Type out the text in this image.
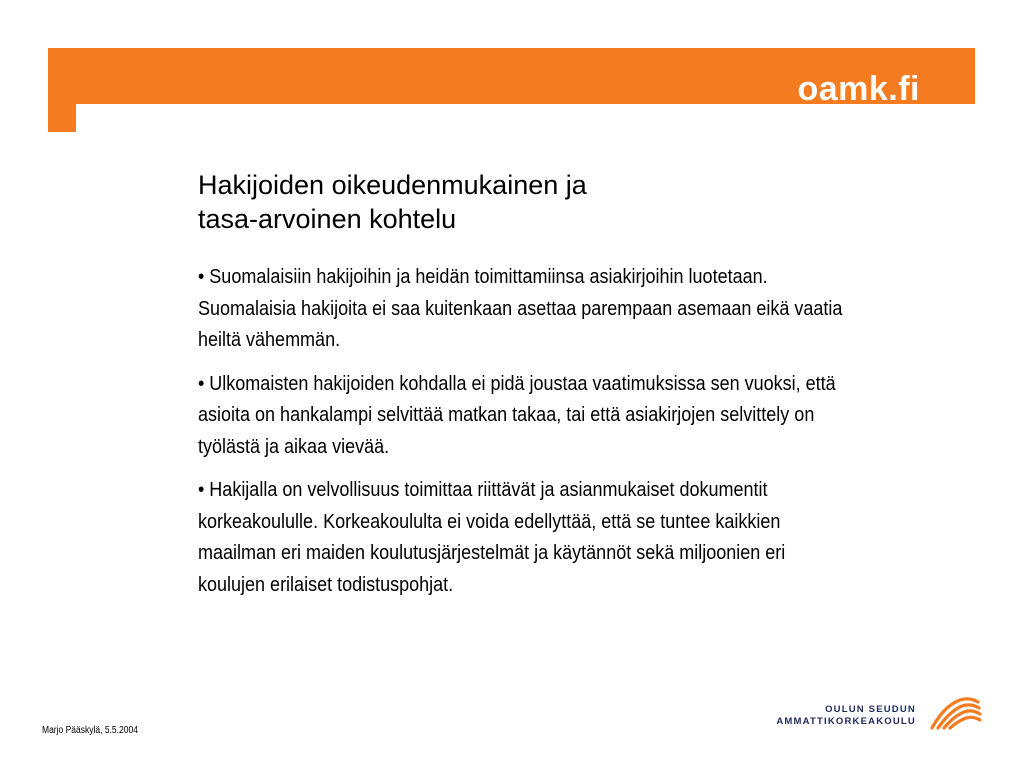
oamk.fi
Hakijoiden oikeudenmukainen ja
tasa-arvoinen kohtelu

• Suomalaisiin hakijoihin ja heidän toimittamiinsa asiakirjoihin luotetaan. Suomalaisia hakijoita ei saa kuitenkaan asettaa parempaan asemaan eikä vaatia heiltä vähemmän.

• Ulkomaisten hakijoiden kohdalla ei pidä joustaa vaatimuksissa sen vuoksi, että asioita on hankalampi selvittää matkan takaa, tai että asiakirjojen selvittely on työlästä ja aikaa vievää.

• Hakijalla on velvollisuus toimittaa riittävät ja asianmukaiset dokumentit korkeakoululle. Korkeakoululta ei voida edellyttää, että se tuntee kaikkien maailman eri maiden koulutusjärjestelmät ja käytännöt sekä miljoonien eri koulujen erilaiset todistuspohjat.

Marjo Pääskylä, 5.5.2004
OULUN SEUDUN
AMMATTIKORKEAKOULU
